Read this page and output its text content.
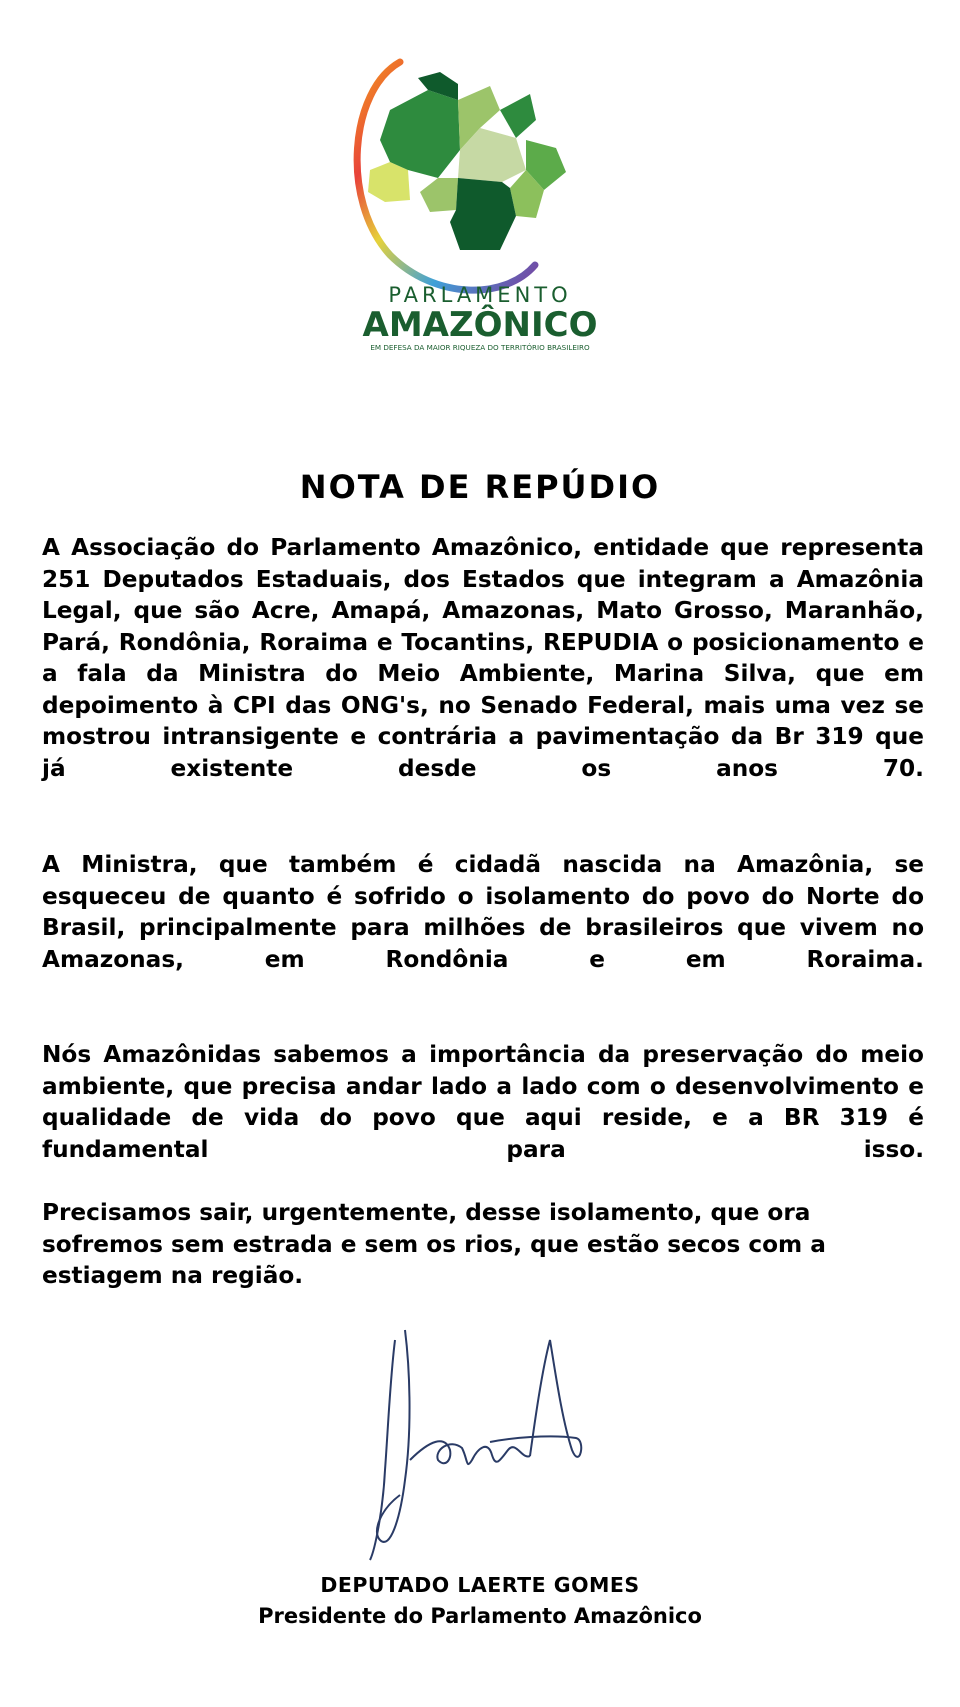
PARLAMENTO
AMAZÔNICO
EM DEFESA DA MAIOR RIQUEZA DO TERRITÓRIO BRASILEIRO
NOTA DE REPÚDIO

A Associação do Parlamento Amazônico, entidade que representa 251 Deputados Estaduais, dos Estados que integram a Amazônia Legal, que são Acre, Amapá, Amazonas, Mato Grosso, Maranhão, Pará, Rondônia, Roraima e Tocantins, REPUDIA o posicionamento e a fala da Ministra do Meio Ambiente, Marina Silva, que em depoimento à CPI das ONG's, no Senado Federal, mais uma vez se mostrou intransigente e contrária a pavimentação da Br 319 que já existente desde os anos 70.

A Ministra, que também é cidadã nascida na Amazônia, se esqueceu de quanto é sofrido o isolamento do povo do Norte do Brasil, principalmente para milhões de brasileiros que vivem no Amazonas, em Rondônia e em Roraima.

Nós Amazônidas sabemos a importância da preservação do meio ambiente, que precisa andar lado a lado com o desenvolvimento e qualidade de vida do povo que aqui reside, e a BR 319 é fundamental para isso.

Precisamos sair, urgentemente, desse isolamento, que ora sofremos sem estrada e sem os rios, que estão secos com a estiagem na região.

DEPUTADO LAERTE GOMES

Presidente do Parlamento Amazônico
